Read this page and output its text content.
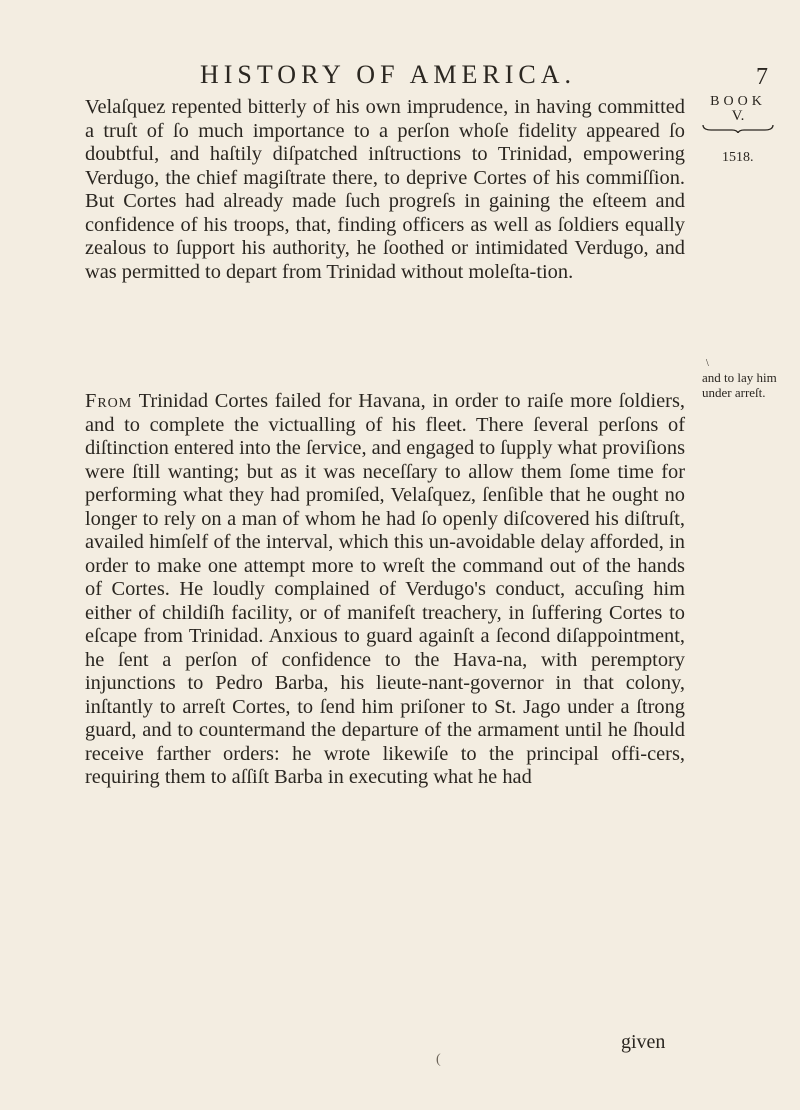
HISTORY OF AMERICA.	7
BOOK
V.
1518.
\
and to lay him under arreſt.

Velaſquez repented bitterly of his own imprudence, in having committed a truſt of ſo much importance to a perſon whoſe fidelity appeared ſo doubtful, and haſtily diſpatched inſtructions to Trinidad, empowering Verdugo, the chief magiſtrate there, to deprive Cortes of his commiſſion. But Cortes had already made ſuch progreſs in gaining the eſteem and confidence of his troops, that, finding officers as well as ſoldiers equally zealous to ſupport his authority, he ſoothed or intimidated Verdugo, and was permitted to depart from Trinidad without moleſta-tion.

From Trinidad Cortes failed for Havana, in order to raiſe more ſoldiers, and to complete the victualling of his fleet. There ſeveral perſons of diſtinction entered into the ſervice, and engaged to ſupply what proviſions were ſtill wanting; but as it was neceſſary to allow them ſome time for performing what they had promiſed, Velaſquez, ſenſible that he ought no longer to rely on a man of whom he had ſo openly diſcovered his diſtruſt, availed himſelf of the interval, which this un-avoidable delay afforded, in order to make one attempt more to wreſt the command out of the hands of Cortes. He loudly complained of Verdugo's conduct, accuſing him either of childiſh facility, or of manifeſt treachery, in ſuffering Cortes to eſcape from Trinidad. Anxious to guard againſt a ſecond diſappointment, he ſent a perſon of confidence to the Hava-na, with peremptory injunctions to Pedro Barba, his lieute-nant-governor in that colony, inſtantly to arreſt Cortes, to ſend him priſoner to St. Jago under a ſtrong guard, and to countermand the departure of the armament until he ſhould receive farther orders: he wrote likewiſe to the principal offi-cers, requiring them to aſſiſt Barba in executing what he had

given
(
